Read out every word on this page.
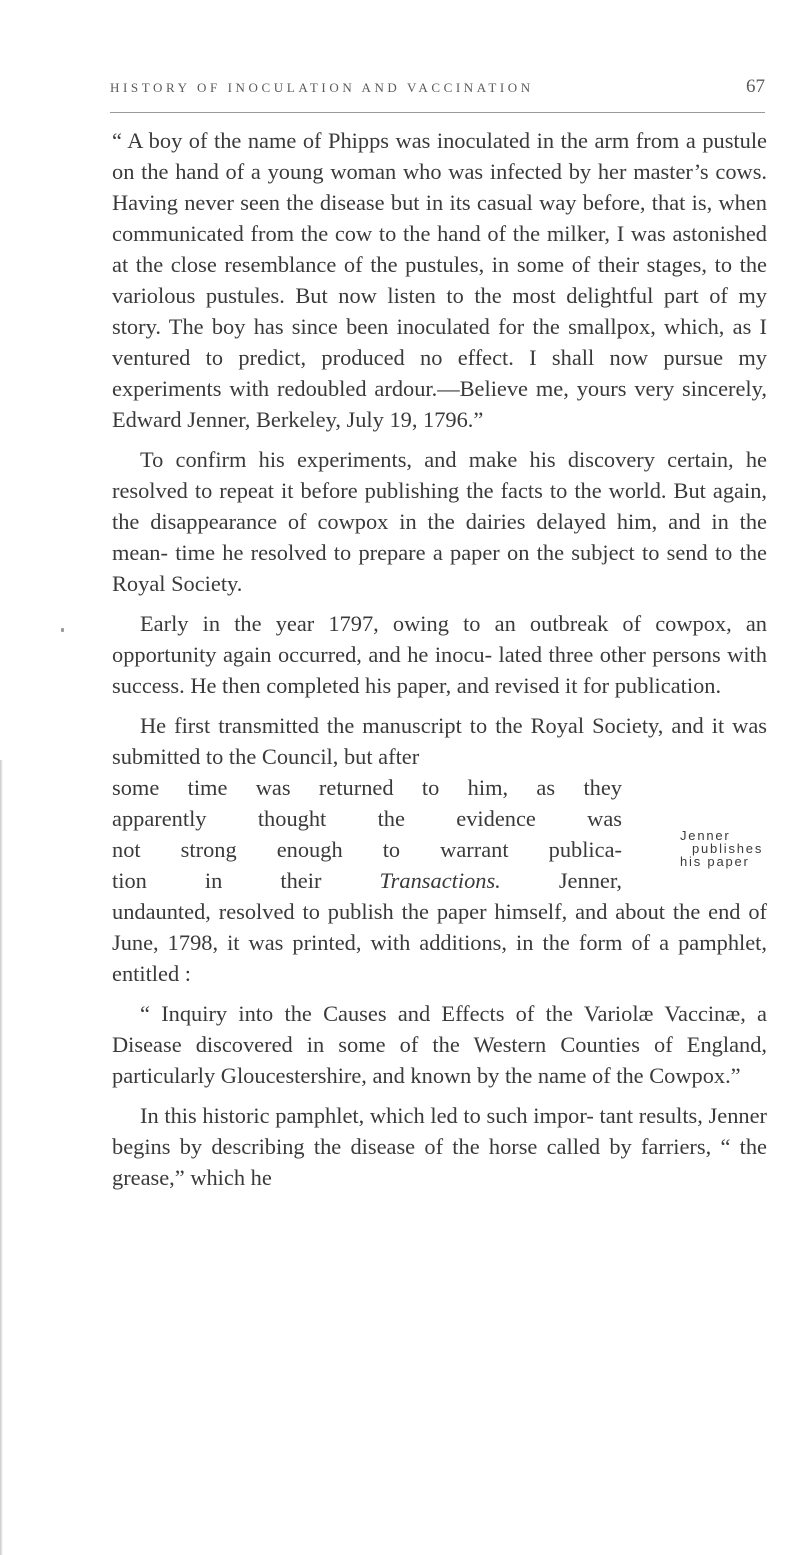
HISTORY OF INOCULATION AND VACCINATION	67

“ A boy of the name of Phipps was inoculated in the arm from a pustule on the hand of a young woman who was infected by her master’s cows. Having never seen the disease but in its casual way before, that is, when communicated from the cow to the hand of the milker, I was astonished at the close resemblance of the pustules, in some of their stages, to the variolous pustules. But now listen to the most delightful part of my story. The boy has since been inoculated for the smallpox, which, as I ventured to predict, produced no effect. I shall now pursue my experiments with redoubled ardour.—Believe me, yours very sincerely, Edward Jenner, Berkeley, July 19, 1796.”

To confirm his experiments, and make his discovery certain, he resolved to repeat it before publishing the facts to the world. But again, the disappearance of cowpox in the dairies delayed him, and in the mean- time he resolved to prepare a paper on the subject to send to the Royal Society.

Early in the year 1797, owing to an outbreak of cowpox, an opportunity again occurred, and he inocu- lated three other persons with success. He then completed his paper, and revised it for publication.

He first transmitted the manuscript to the Royal Society, and it was submitted to the Council, but after

some time was returned to him, as they

apparently thought the evidence was

not strong enough to warrant publica-

tion in their Transactions. Jenner,

undaunted, resolved to publish the paper himself, and about the end of June, 1798, it was printed, with additions, in the form of a pamphlet, entitled :

“ Inquiry into the Causes and Effects of the Variolæ Vaccinæ, a Disease discovered in some of the Western Counties of England, particularly Gloucestershire, and known by the name of the Cowpox.”

In this historic pamphlet, which led to such impor- tant results, Jenner begins by describing the disease of the horse called by farriers, “ the grease,” which he

Jenner
publishes
his paper
